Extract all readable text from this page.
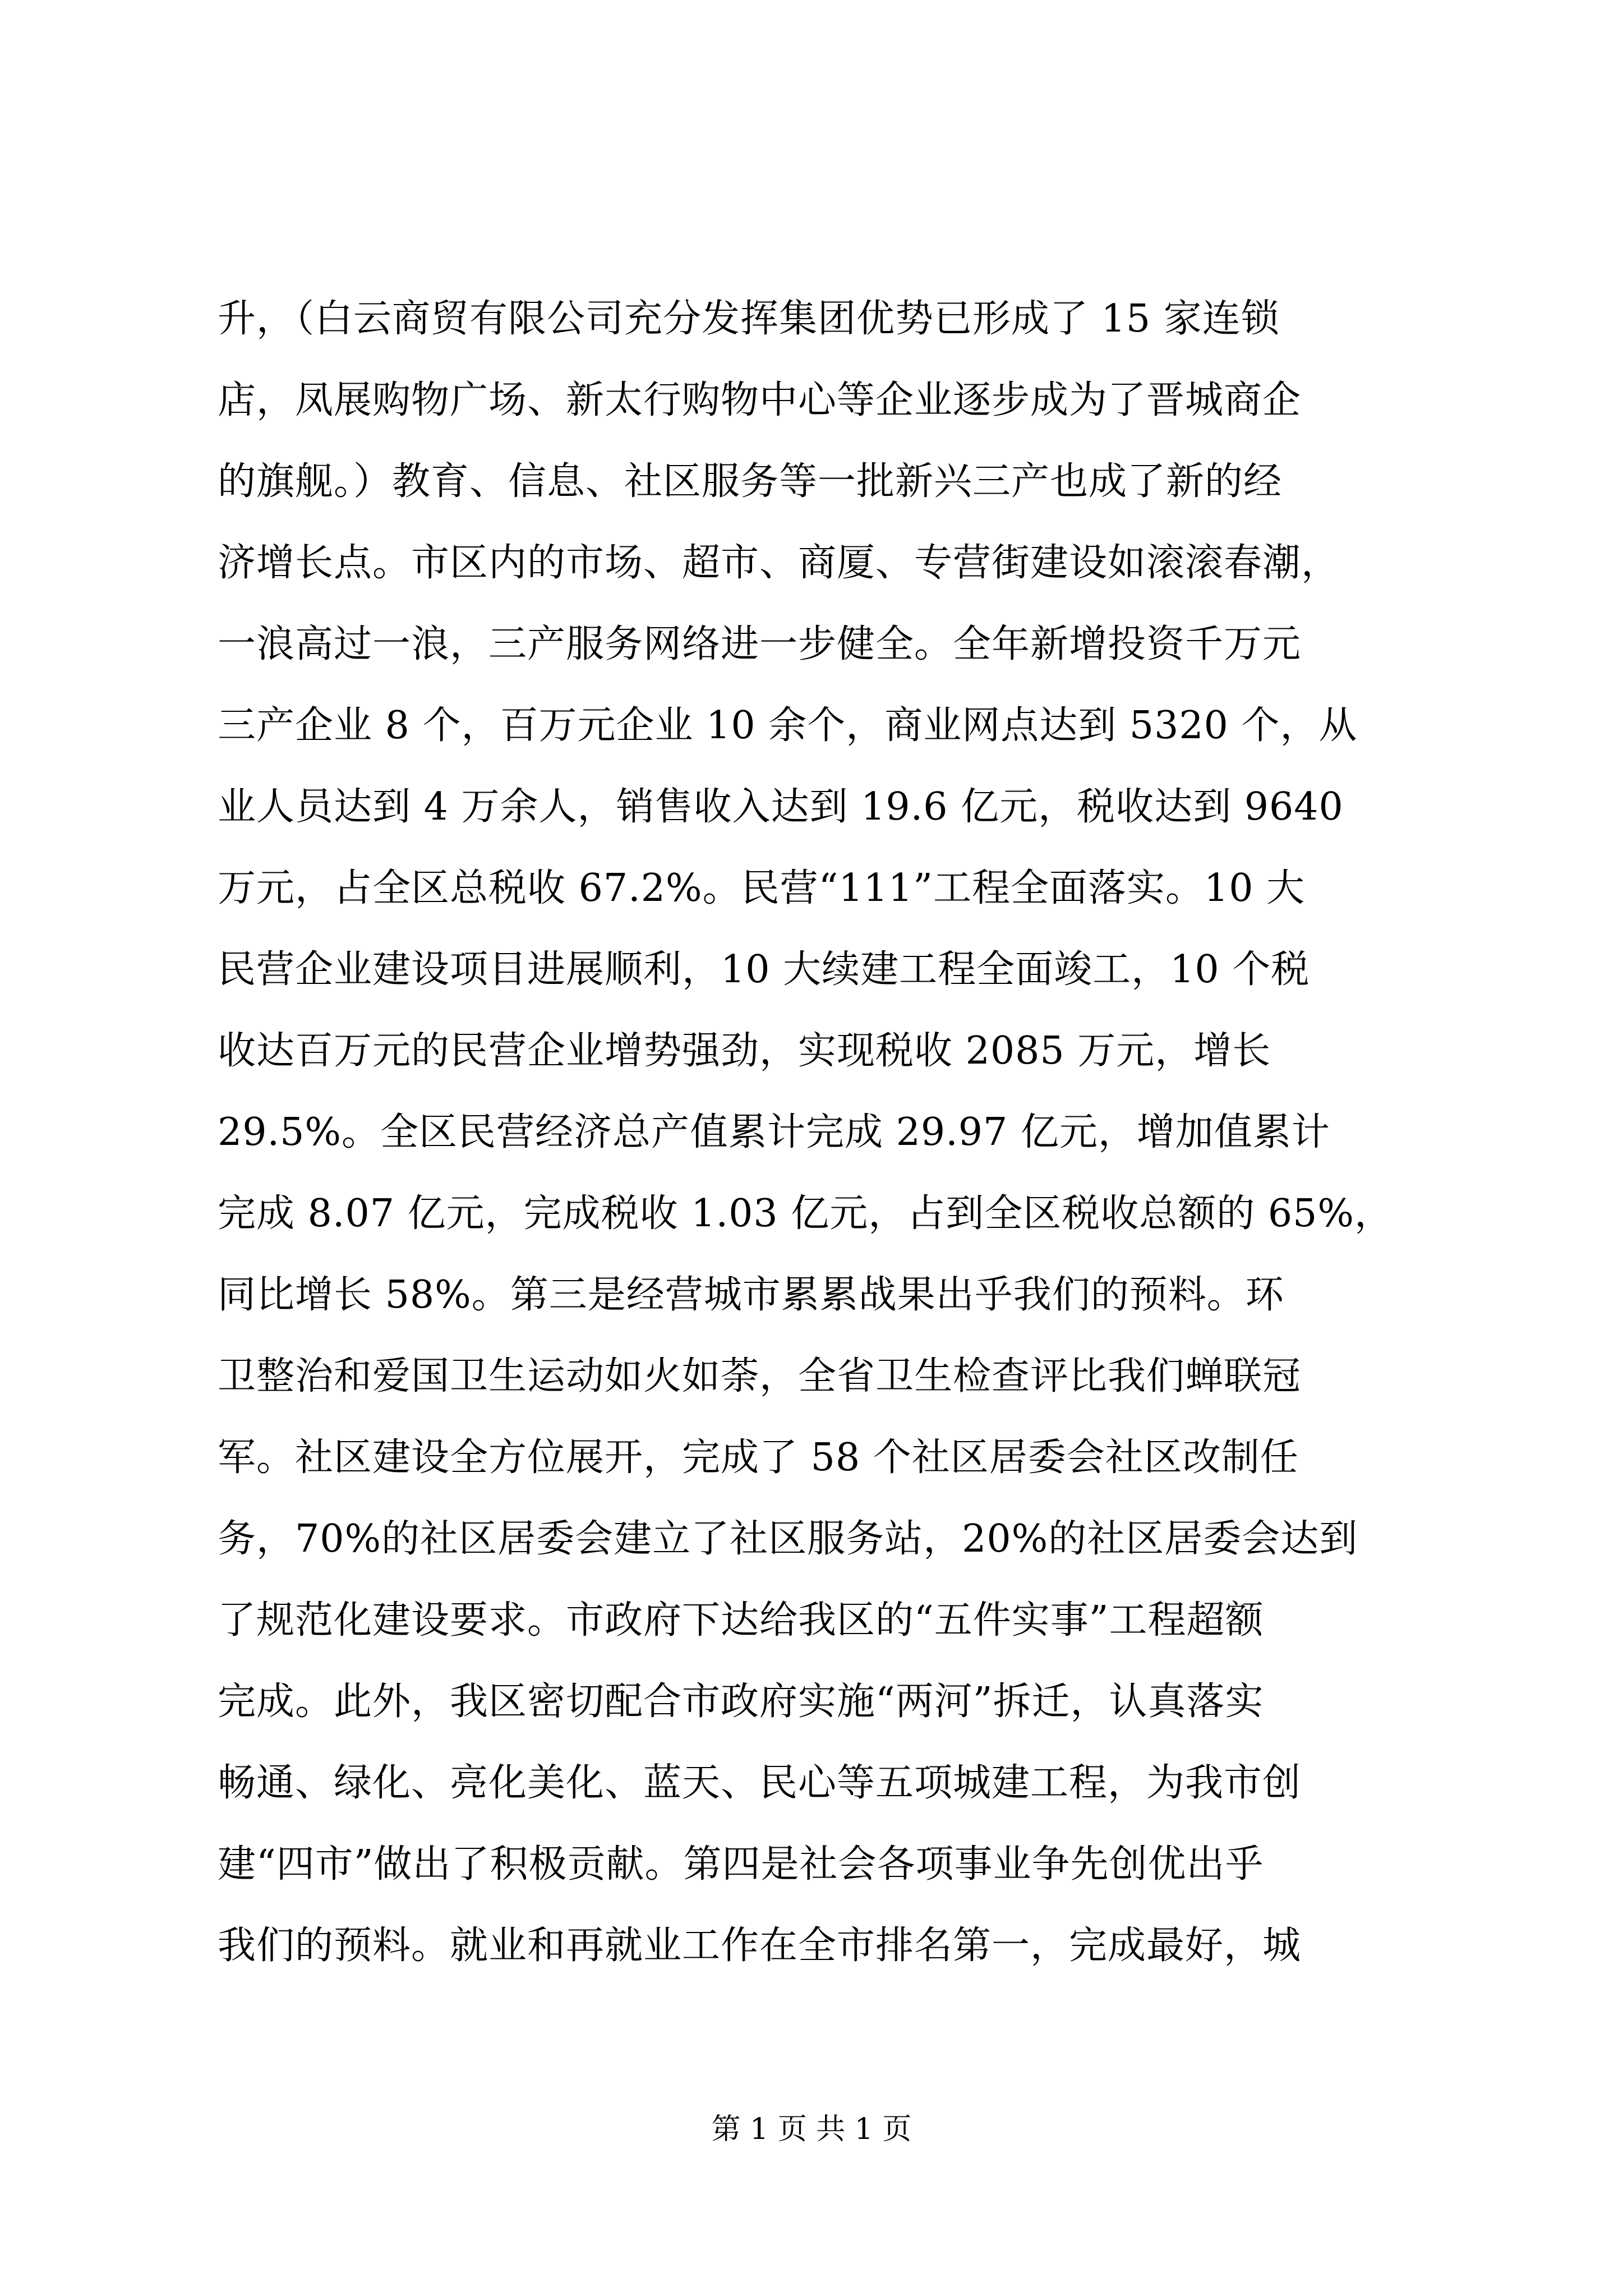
升，（白云商贸有限公司充分发挥集团优势已形成了 15 家连锁
店，凤展购物广场、新太行购物中心等企业逐步成为了晋城商企
的旗舰。）教育、信息、社区服务等一批新兴三产也成了新的经
济增长点。市区内的市场、超市、商厦、专营街建设如滚滚春潮，
一浪高过一浪，三产服务网络进一步健全。全年新增投资千万元
三产企业 8 个，百万元企业 10 余个，商业网点达到 5320 个，从
业人员达到 4 万余人，销售收入达到 19.6 亿元，税收达到 9640
万元，占全区总税收 67.2%。民营“111”工程全面落实。10 大
民营企业建设项目进展顺利，10 大续建工程全面竣工，10 个税
收达百万元的民营企业增势强劲，实现税收 2085 万元，增长
29.5%。全区民营经济总产值累计完成 29.97 亿元，增加值累计
完成 8.07 亿元，完成税收 1.03 亿元，占到全区税收总额的 65%，
同比增长 58%。第三是经营城市累累战果出乎我们的预料。环
卫整治和爱国卫生运动如火如荼，全省卫生检查评比我们蝉联冠
军。社区建设全方位展开，完成了 58 个社区居委会社区改制任
务，70%的社区居委会建立了社区服务站，20%的社区居委会达到
了规范化建设要求。市政府下达给我区的“五件实事”工程超额
完成。此外，我区密切配合市政府实施“两河”拆迁，认真落实
畅通、绿化、亮化美化、蓝天、民心等五项城建工程，为我市创
建“四市”做出了积极贡献。第四是社会各项事业争先创优出乎
我们的预料。就业和再就业工作在全市排名第一，完成最好，城
第 1 页 共 1 页
